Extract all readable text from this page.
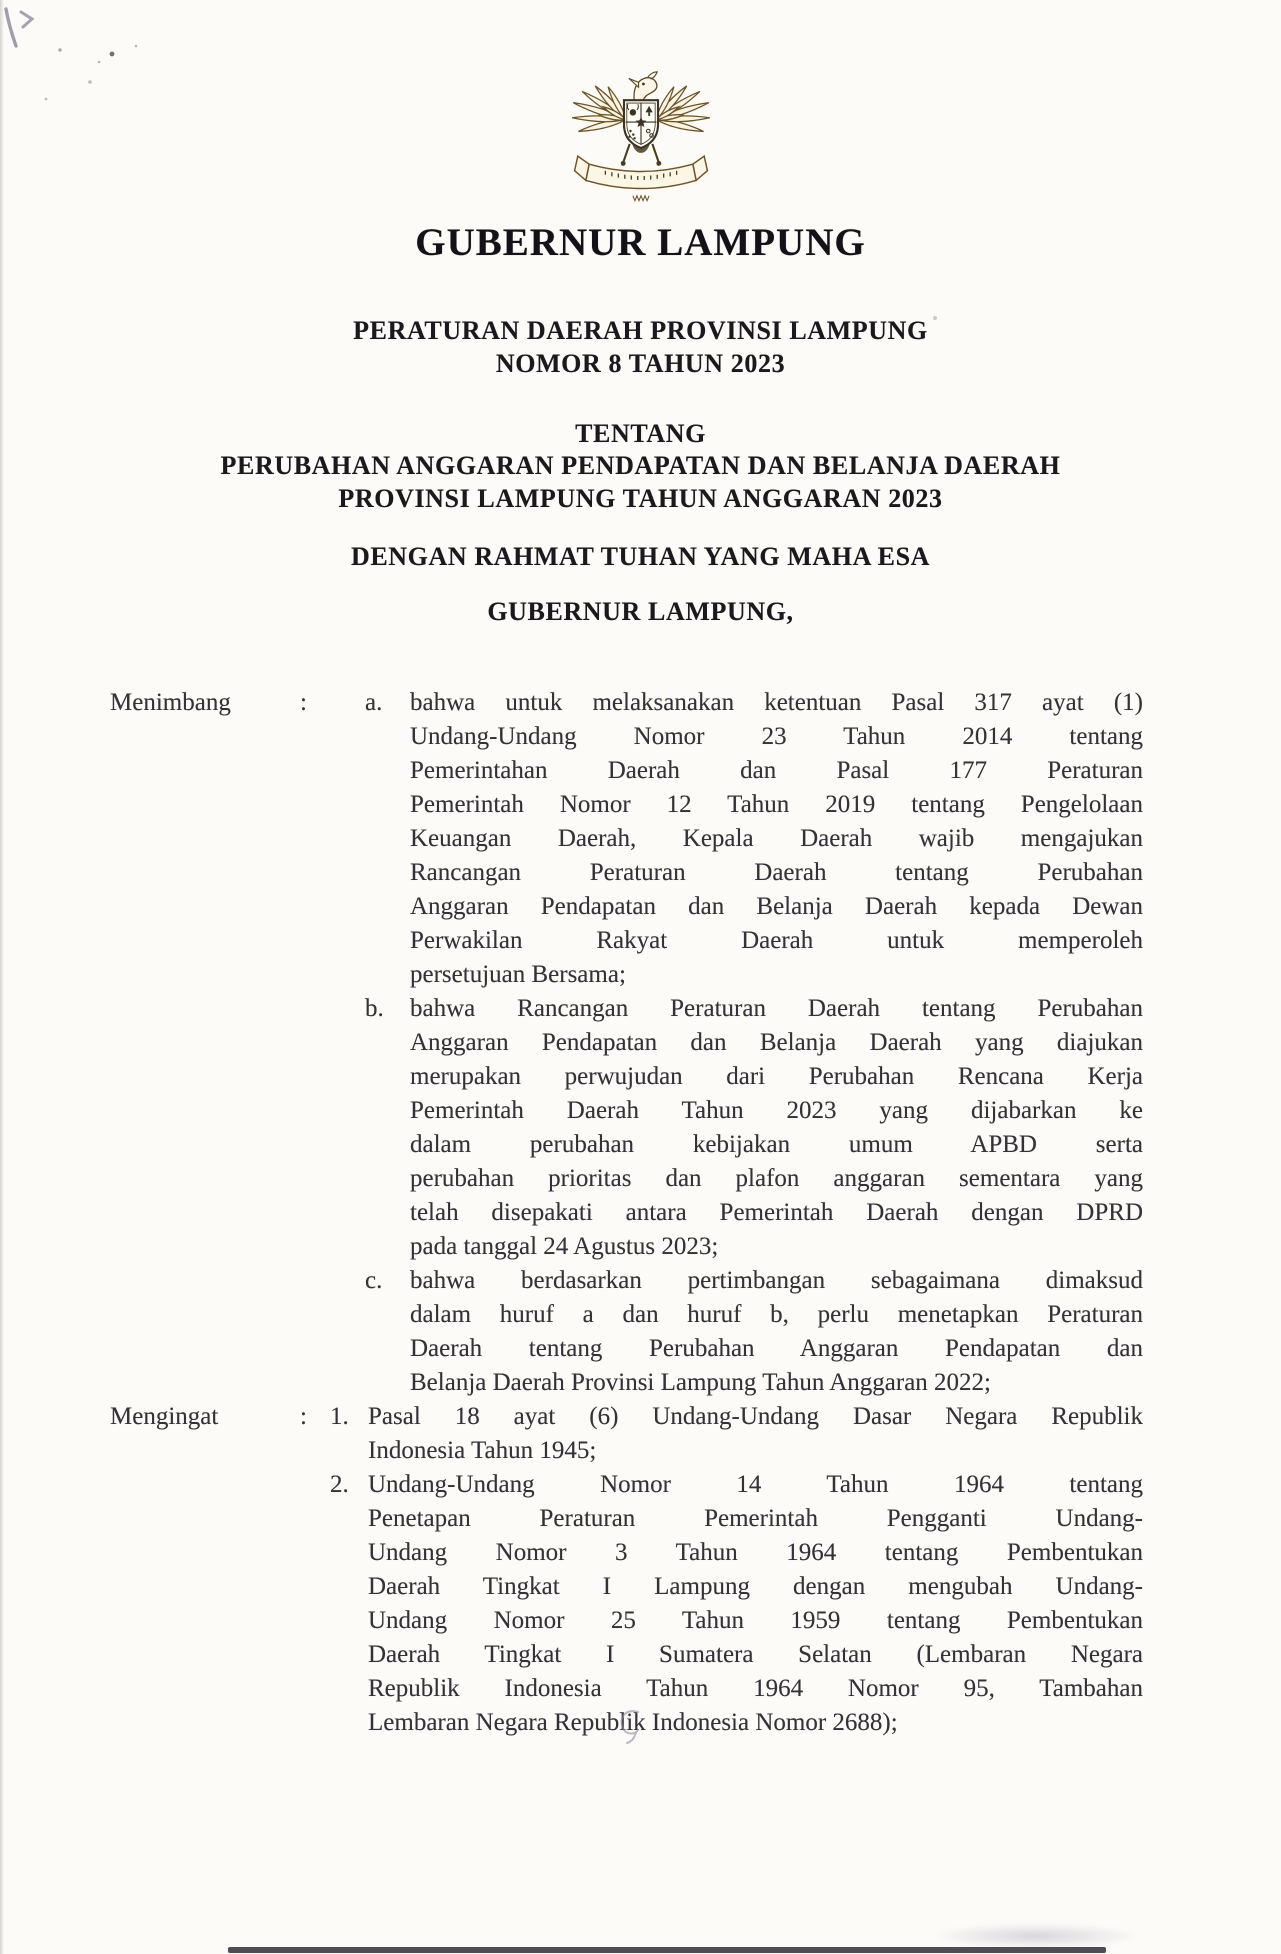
GUBERNUR LAMPUNG
PERATURAN DAERAH PROVINSI LAMPUNG
NOMOR 8 TAHUN 2023
TENTANG
PERUBAHAN ANGGARAN PENDAPATAN DAN BELANJA DAERAH
PROVINSI LAMPUNG TAHUN ANGGARAN 2023
DENGAN RAHMAT TUHAN YANG MAHA ESA
GUBERNUR LAMPUNG,
Menimbang	:	a.	bahwa untuk melaksanakan ketentuan Pasal 317 ayat (1)
Undang-Undang Nomor 23 Tahun 2014 tentang
Pemerintahan Daerah dan Pasal 177 Peraturan
Pemerintah Nomor 12 Tahun 2019 tentang Pengelolaan
Keuangan Daerah, Kepala Daerah wajib mengajukan
Rancangan Peraturan Daerah tentang Perubahan
Anggaran Pendapatan dan Belanja Daerah kepada Dewan
Perwakilan Rakyat Daerah untuk memperoleh
persetujuan Bersama;
b.	bahwa Rancangan Peraturan Daerah tentang Perubahan
Anggaran Pendapatan dan Belanja Daerah yang diajukan
merupakan perwujudan dari Perubahan Rencana Kerja
Pemerintah Daerah Tahun 2023 yang dijabarkan ke
dalam perubahan kebijakan umum APBD serta
perubahan prioritas dan plafon anggaran sementara yang
telah disepakati antara Pemerintah Daerah dengan DPRD
pada tanggal 24 Agustus 2023;
c.	bahwa berdasarkan pertimbangan sebagaimana dimaksud
dalam huruf a dan huruf b, perlu menetapkan Peraturan
Daerah tentang Perubahan Anggaran Pendapatan dan
Belanja Daerah Provinsi Lampung Tahun Anggaran 2022;
Mengingat	: 1. Pasal 18 ayat (6) Undang-Undang Dasar Negara Republik
Indonesia Tahun 1945;
2. Undang-Undang Nomor 14 Tahun 1964 tentang
Penetapan Peraturan Pemerintah Pengganti Undang-
Undang Nomor 3 Tahun 1964 tentang Pembentukan
Daerah Tingkat I Lampung dengan mengubah Undang-
Undang Nomor 25 Tahun 1959 tentang Pembentukan
Daerah Tingkat I Sumatera Selatan (Lembaran Negara
Republik Indonesia Tahun 1964 Nomor 95, Tambahan
Lembaran Negara Republik Indonesia Nomor 2688);
